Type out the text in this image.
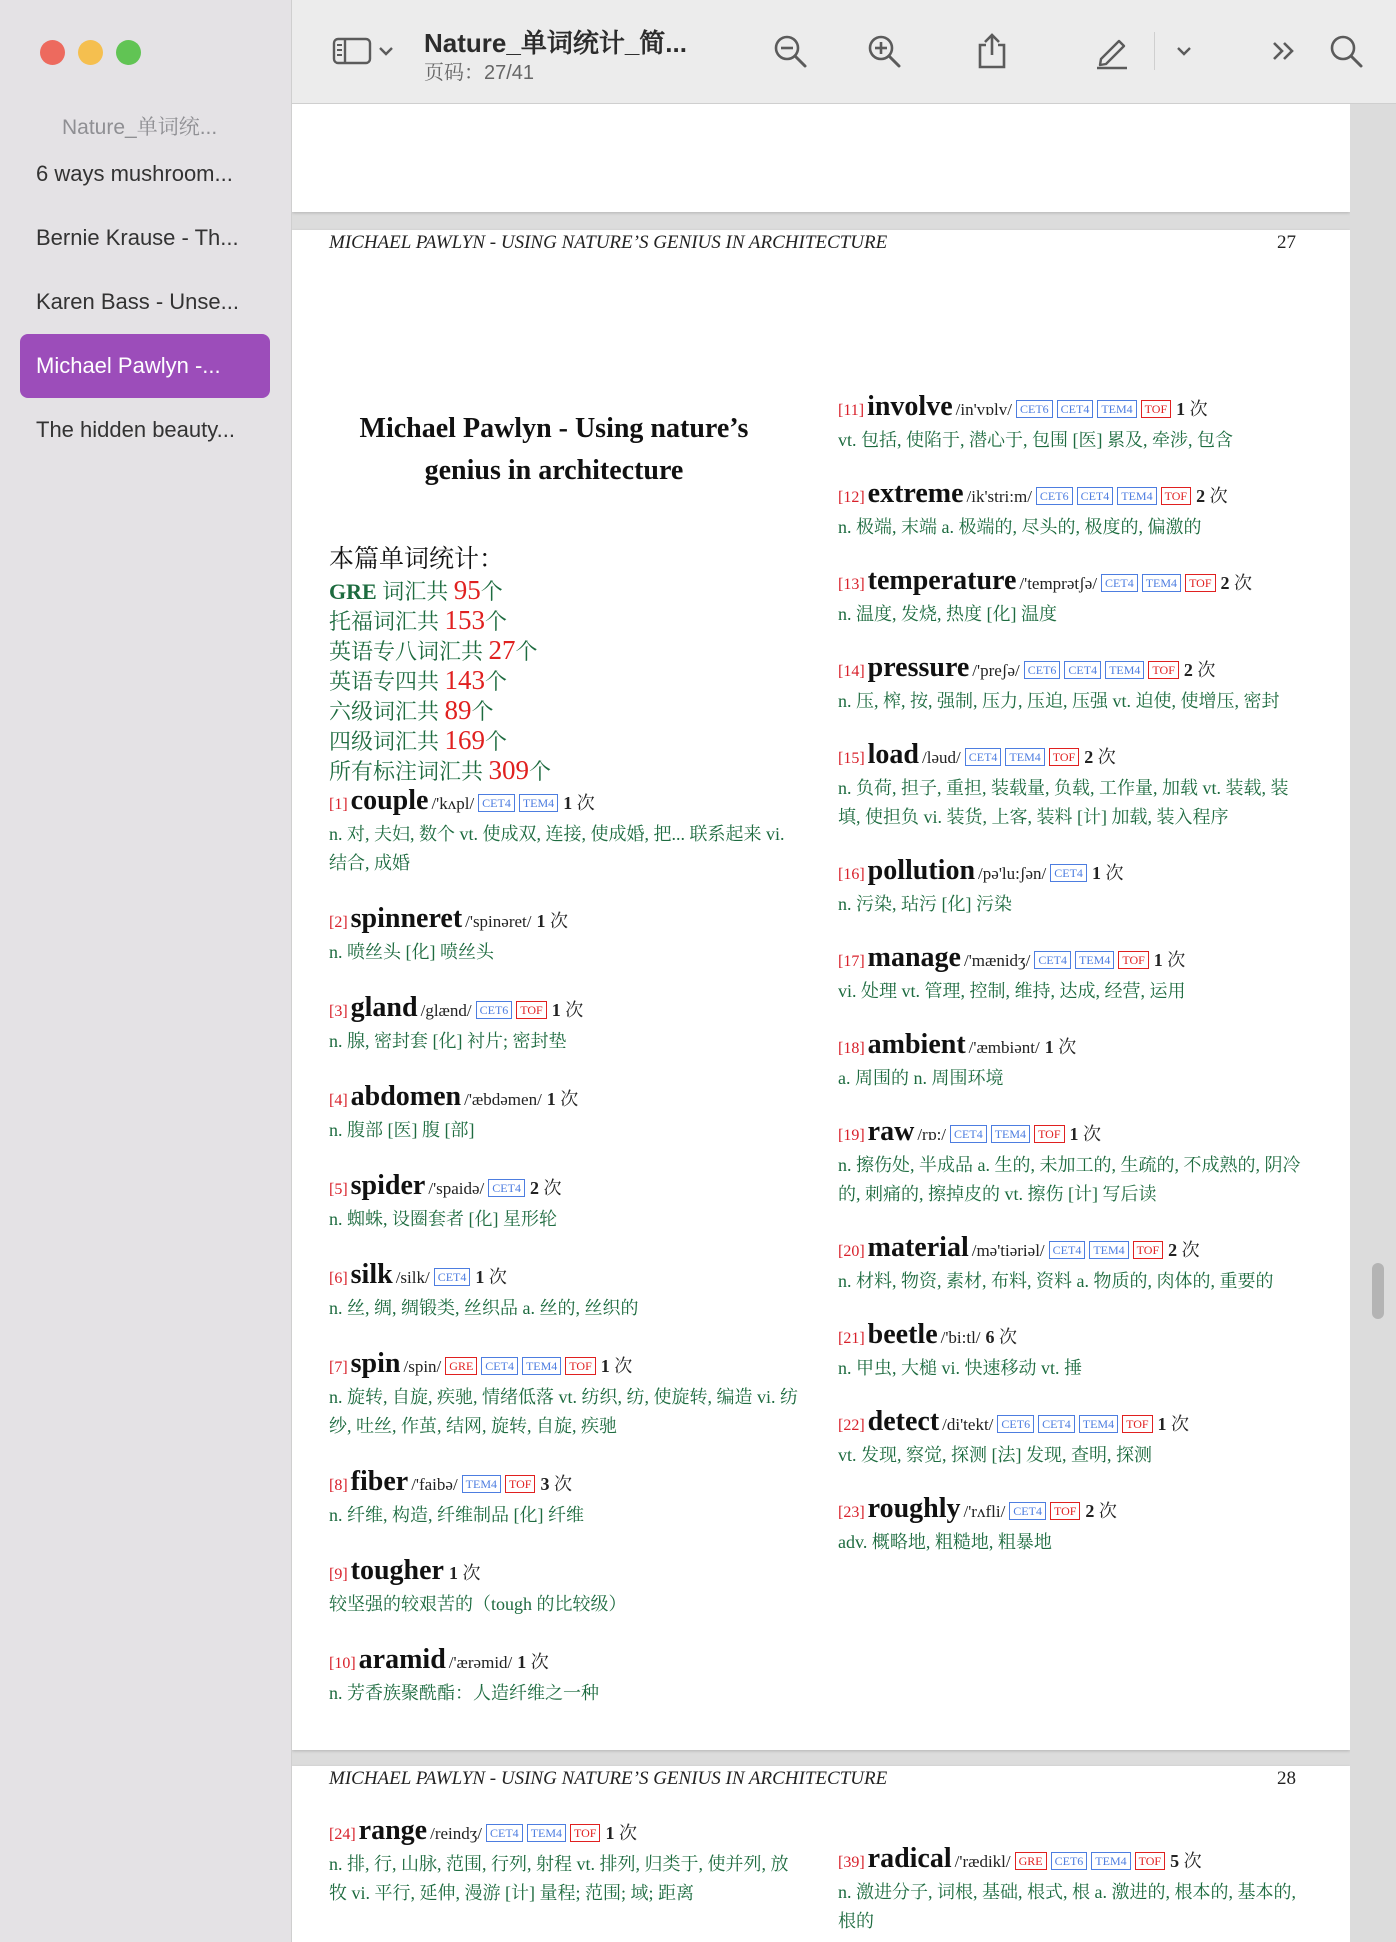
Nature_单词统...
6 ways mushroom...
Bernie Krause - Th...
Karen Bass - Unse...
Michael Pawlyn -...
The hidden beauty...
Nature_单词统计_简...
页码：27/41
MICHAEL PAWLYN - USING NATURE’S GENIUS IN ARCHITECTURE	27
Michael Pawlyn - Using nature’s
genius in architecture
本篇单词统计：
GRE 词汇共 95个
托福词汇共 153个
英语专八词汇共 27个
英语专四共 143个
六级词汇共 89个
四级词汇共 169个
所有标注词汇共 309个
[1] couple /'kʌpl/ CET4 TEM4 1 次
n. 对, 夫妇, 数个 vt. 使成双, 连接, 使成婚, 把... 联系起来 vi. 结合, 成婚
[2] spinneret /'spinəret/ 1 次
n. 喷丝头 [化] 喷丝头
[3] gland /glænd/ CET6 TOF 1 次
n. 腺, 密封套 [化] 衬片; 密封垫
[4] abdomen /'æbdəmen/ 1 次
n. 腹部 [医] 腹 [部]
[5] spider /'spaidə/ CET4 2 次
n. 蜘蛛, 设圈套者 [化] 星形轮
[6] silk /silk/ CET4 1 次
n. 丝, 绸, 绸锻类, 丝织品 a. 丝的, 丝织的
[7] spin /spin/ GRE CET4 TEM4 TOF 1 次
n. 旋转, 自旋, 疾驰, 情绪低落 vt. 纺织, 纺, 使旋转, 编造 vi. 纺纱, 吐丝, 作茧, 结网, 旋转, 自旋, 疾驰
[8] fiber /'faibə/ TEM4 TOF 3 次
n. 纤维, 构造, 纤维制品 [化] 纤维
[9] tougher 1 次
较坚强的较艰苦的（tough 的比较级）
[10] aramid /'ærəmid/ 1 次
n. 芳香族聚酰酯：人造纤维之一种
[11] involve /in'vɒlv/ CET6 CET4 TEM4 TOF 1 次
vt. 包括, 使陷于, 潜心于, 包围 [医] 累及, 牵涉, 包含
[12] extreme /ik'stri:m/ CET6 CET4 TEM4 TOF 2 次
n. 极端, 末端 a. 极端的, 尽头的, 极度的, 偏激的
[13] temperature /'temprətʃə/ CET4 TEM4 TOF 2 次
n. 温度, 发烧, 热度 [化] 温度
[14] pressure /'preʃə/ CET6 CET4 TEM4 TOF 2 次
n. 压, 榨, 按, 强制, 压力, 压迫, 压强 vt. 迫使, 使增压, 密封
[15] load /ləud/ CET4 TEM4 TOF 2 次
n. 负荷, 担子, 重担, 装载量, 负载, 工作量, 加载 vt. 装载, 装填, 使担负 vi. 装货, 上客, 装料 [计] 加载, 装入程序
[16] pollution /pə'lu:ʃən/ CET4 1 次
n. 污染, 玷污 [化] 污染
[17] manage /'mænidʒ/ CET4 TEM4 TOF 1 次
vi. 处理 vt. 管理, 控制, 维持, 达成, 经营, 运用
[18] ambient /'æmbiənt/ 1 次
a. 周围的 n. 周围环境
[19] raw /rɒ:/ CET4 TEM4 TOF 1 次
n. 擦伤处, 半成品 a. 生的, 未加工的, 生疏的, 不成熟的, 阴冷的, 刺痛的, 擦掉皮的 vt. 擦伤 [计] 写后读
[20] material /mə'tiəriəl/ CET4 TEM4 TOF 2 次
n. 材料, 物资, 素材, 布料, 资料 a. 物质的, 肉体的, 重要的
[21] beetle /'bi:tl/ 6 次
n. 甲虫, 大槌 vi. 快速移动 vt. 捶
[22] detect /di'tekt/ CET6 CET4 TEM4 TOF 1 次
vt. 发现, 察觉, 探测 [法] 发现, 查明, 探测
[23] roughly /'rʌfli/ CET4 TOF 2 次
adv. 概略地, 粗糙地, 粗暴地
MICHAEL PAWLYN - USING NATURE’S GENIUS IN ARCHITECTURE	28
[24] range /reindʒ/ CET4 TEM4 TOF 1 次
n. 排, 行, 山脉, 范围, 行列, 射程 vt. 排列, 归类于, 使并列, 放牧 vi. 平行, 延伸, 漫游 [计] 量程; 范围; 域; 距离
[39] radical /'rædikl/ GRE CET6 TEM4 TOF 5 次
n. 激进分子, 词根, 基础, 根式, 根 a. 激进的, 根本的, 基本的, 根的
